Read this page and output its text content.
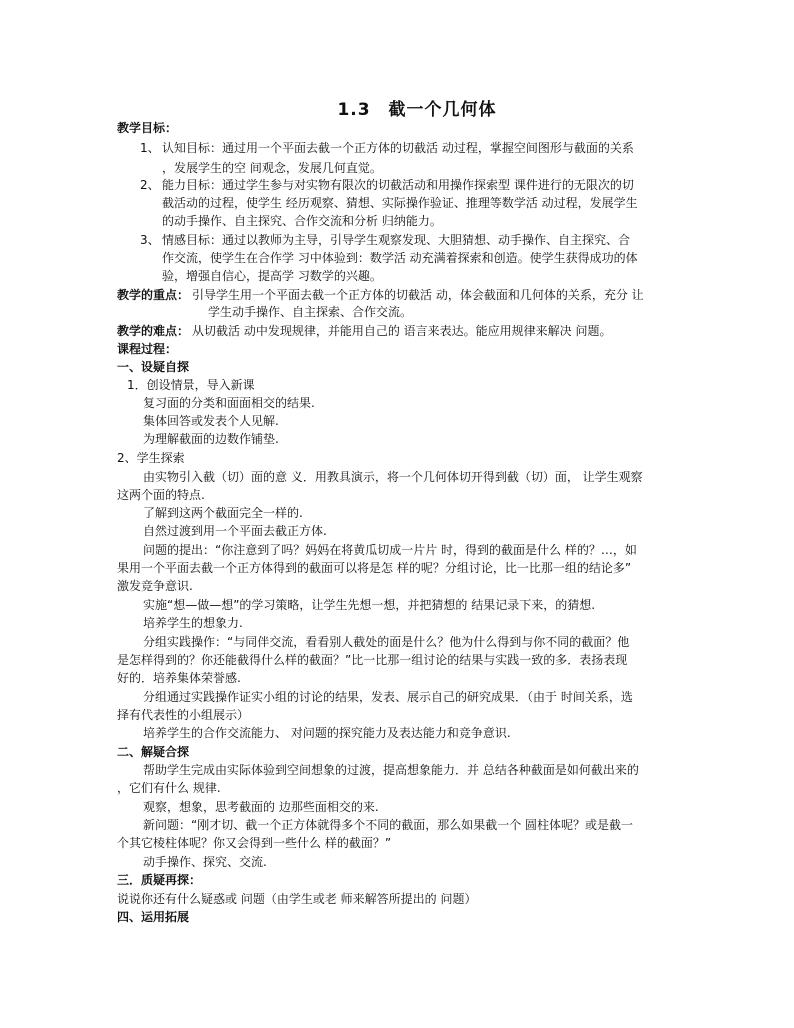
1.3　截一个几何体
教学目标：
1、 认知目标：通过用一个平面去截一个正方体的切截活 动过程，掌握空间图形与截面的关系
，发展学生的空 间观念，发展几何直觉。
2、 能力目标：通过学生参与对实物有限次的切截活动和用操作探索型 课件进行的无限次的切
截活动的过程，使学生 经历观察、猜想、实际操作验证、推理等数学活 动过程，发展学生
的动手操作、自主探究、合作交流和分析 归纳能力。
3、 情感目标：通过以教师为主导，引导学生观察发现、大胆猜想、动手操作、自主探究、合
作交流，使学生在合作学 习中体验到：数学活 动充满着探索和创造。使学生获得成功的体
验，增强自信心，提高学 习数学的兴趣。
教学的重点： 引导学生用一个平面去截一个正方体的切截活 动，体会截面和几何体的关系，充分 让
学生动手操作、自主探索、合作交流。
教学的难点： 从切截活 动中发现规律，并能用自己的 语言来表达。能应用规律来解决 问题。
课程过程：
一、设疑自探
1．创设情景，导入新课
复习面的分类和面面相交的结果.
集体回答或发表个人见解.
为理解截面的边数作铺垫.
2、学生探索
由实物引入截（切）面的意 义．用教具演示，将一个几何体切开得到截（切）面， 让学生观察
这两个面的特点.
了解到这两个截面完全一样的.
自然过渡到用一个平面去截正方体.
问题的提出：“你注意到了吗？妈妈在将黄瓜切成一片片 时，得到的截面是什么 样的？…，如
果用一个平面去截一个正方体得到的截面可以将是怎 样的呢？分组讨论，比一比那一组的结论多”
激发竞争意识.
实施“想—做—想”的学习策略，让学生先想一想，并把猜想的 结果记录下来，的猜想.
培养学生的想象力.
分组实践操作：“与同伴交流，看看别人截处的面是什么？他为什么得到与你不同的截面？他
是怎样得到的？你还能截得什么样的截面？”比一比那一组讨论的结果与实践一致的多．表扬表现
好的．培养集体荣誉感.
分组通过实践操作证实小组的讨论的结果，发表、展示自己的研究成果．（由于 时间关系，选
择有代表性的小组展示）
培养学生的合作交流能力、 对问题的探究能力及表达能力和竞争意识.
二、解疑合探
帮助学生完成由实际体验到空间想象的过渡，提高想象能力．并 总结各种截面是如何截出来的
，它们有什么 规律.
观察，想象，思考截面的 边那些面相交的来.
新问题：“刚才切、截一个正方体就得多个不同的截面，那么如果截一个 圆柱体呢？或是截一
个其它棱柱体呢？你又会得到一些什么 样的截面？”
动手操作、探究、交流.
三．质疑再探：
说说你还有什么疑惑或 问题（由学生或老 师来解答所提出的 问题）
四、运用拓展
